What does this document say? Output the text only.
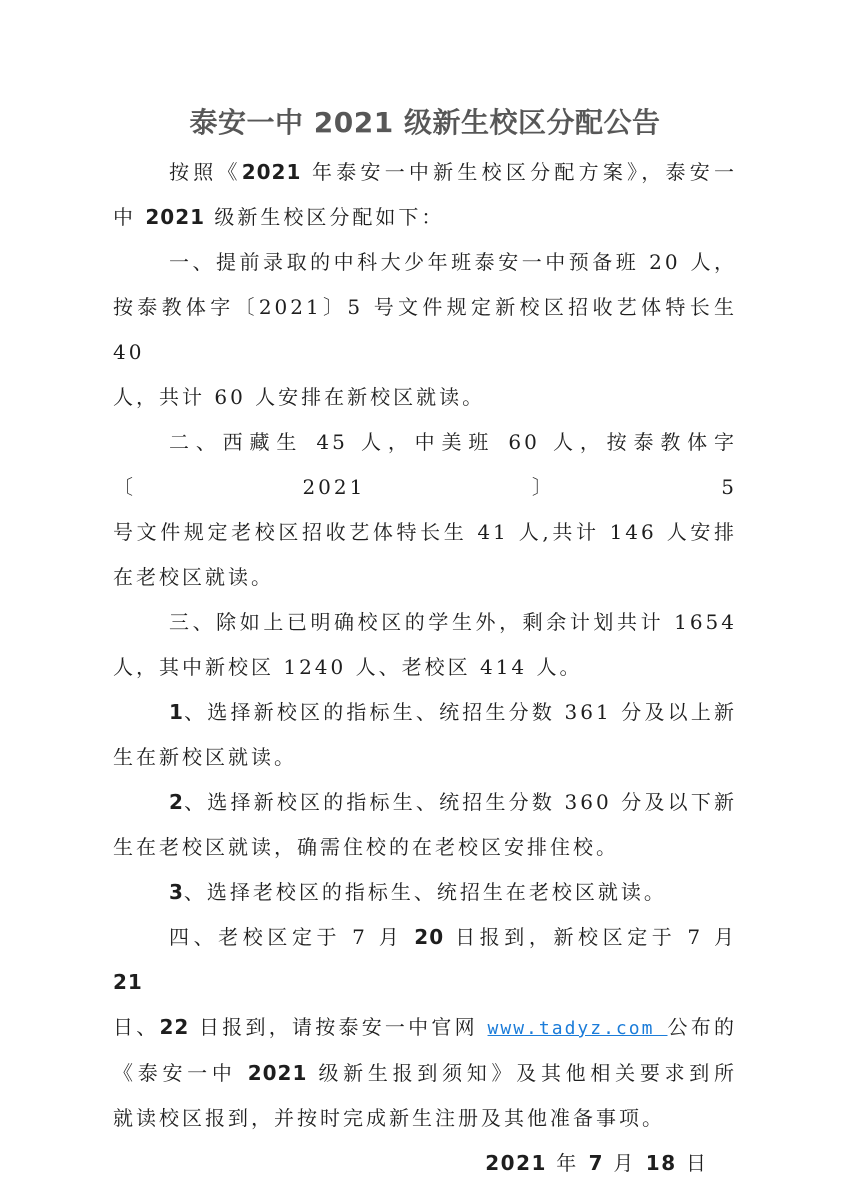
泰安一中 2021 级新生校区分配公告
按照《2021 年泰安一中新生校区分配方案》，泰安一
中 2021 级新生校区分配如下：
一、提前录取的中科大少年班泰安一中预备班 20 人，
按泰教体字〔2021〕5 号文件规定新校区招收艺体特长生 40
人，共计 60 人安排在新校区就读。
二、西藏生 45 人，中美班 60 人，按泰教体字〔2021〕5
号文件规定老校区招收艺体特长生 41 人,共计 146 人安排
在老校区就读。
三、除如上已明确校区的学生外，剩余计划共计 1654
人，其中新校区 1240 人、老校区 414 人。
1、选择新校区的指标生、统招生分数 361 分及以上新
生在新校区就读。
2、选择新校区的指标生、统招生分数 360 分及以下新
生在老校区就读，确需住校的在老校区安排住校。
3、选择老校区的指标生、统招生在老校区就读。
四、老校区定于 7 月 20 日报到，新校区定于 7 月 21
日、22 日报到，请按泰安一中官网 www.tadyz.com 公布的
《泰安一中 2021 级新生报到须知》及其他相关要求到所
就读校区报到，并按时完成新生注册及其他准备事项。
2021 年 7 月 18 日
